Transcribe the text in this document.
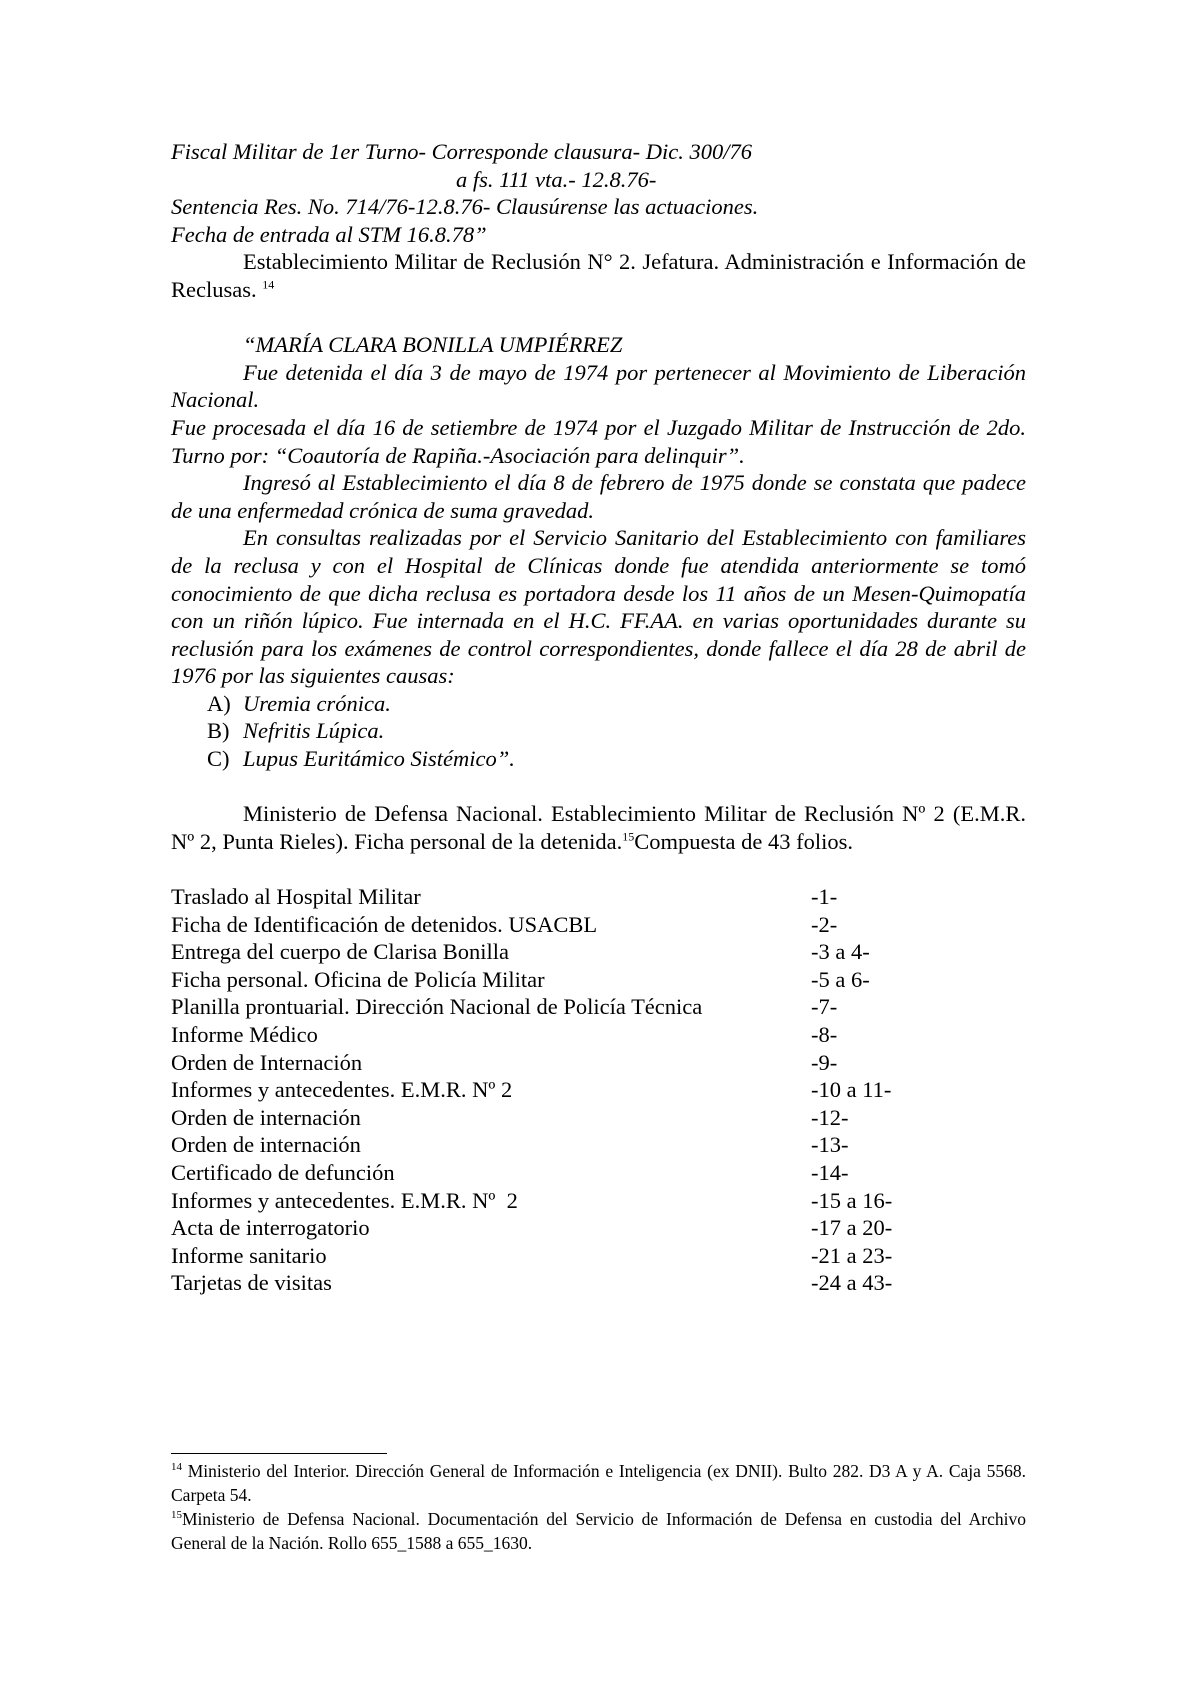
Fiscal Militar de 1er Turno- Corresponde clausura- Dic. 300/76

a fs. 111 vta.- 12.8.76-

Sentencia Res. No. 714/76-12.8.76- Clausúrense las actuaciones.

Fecha de entrada al STM 16.8.78”

Establecimiento Militar de Reclusión N° 2. Jefatura. Administración e Información de Reclusas. $^{14}$

“MARÍA CLARA BONILLA UMPIÉRREZ

Fue detenida el día 3 de mayo de 1974 por pertenecer al Movimiento de Liberación Nacional.

Fue procesada el día 16 de setiembre de 1974 por el Juzgado Militar de Instrucción de 2do. Turno por: “Coautoría de Rapiña.-Asociación para delinquir”.

Ingresó al Establecimiento el día 8 de febrero de 1975 donde se constata que padece de una enfermedad crónica de suma gravedad.

En consultas realizadas por el Servicio Sanitario del Establecimiento con familiares de la reclusa y con el Hospital de Clínicas donde fue atendida anteriormente se tomó conocimiento de que dicha reclusa es portadora desde los 11 años de un Mesen-Quimopatía con un riñón lúpico. Fue internada en el H.C. FF.AA. en varias oportunidades durante su reclusión para los exámenes de control correspondientes, donde fallece el día 28 de abril de 1976 por las siguientes causas:

A) Uremia crónica.
B) Nefritis Lúpica.
C) Lupus Euritámico Sistémico”.

Ministerio de Defensa Nacional. Establecimiento Militar de Reclusión Nº 2 (E.M.R. Nº 2, Punta Rieles). Ficha personal de la detenida.$^{15}$Compuesta de 43 folios.

Traslado al Hospital Militar	-1-
Ficha de Identificación de detenidos. USACBL	-2-
Entrega del cuerpo de Clarisa Bonilla	-3 a 4-
Ficha personal. Oficina de Policía Militar	-5 a 6-
Planilla prontuarial. Dirección Nacional de Policía Técnica	-7-
Informe Médico	-8-
Orden de Internación	-9-
Informes y antecedentes. E.M.R. Nº 2	-10 a 11-
Orden de internación	-12-
Orden de internación	-13-
Certificado de defunción	-14-
Informes y antecedentes. E.M.R. Nº  2	-15 a 16-
Acta de interrogatorio	-17 a 20-
Informe sanitario	-21 a 23-
Tarjetas de visitas	-24 a 43-

$^{14}$ Ministerio del Interior. Dirección General de Información e Inteligencia (ex DNII). Bulto 282. D3 A y A. Caja 5568. Carpeta 54.

$^{15}$Ministerio de Defensa Nacional. Documentación del Servicio de Información de Defensa en custodia del Archivo General de la Nación. Rollo 655_1588 a 655_1630.
